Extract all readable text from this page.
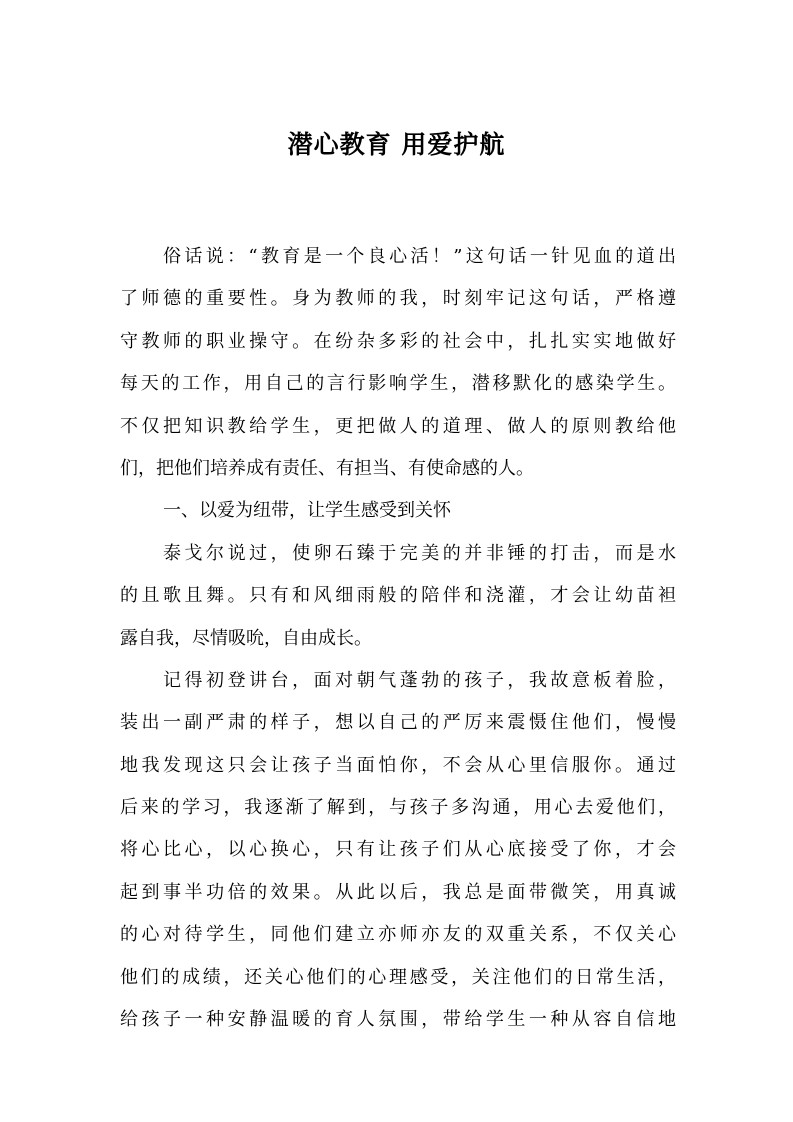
潜心教育 用爱护航
俗话说：“教育是一个良心活！”这句话一针见血的道出
了师德的重要性。身为教师的我，时刻牢记这句话，严格遵
守教师的职业操守。在纷杂多彩的社会中，扎扎实实地做好
每天的工作，用自己的言行影响学生，潜移默化的感染学生。
不仅把知识教给学生，更把做人的道理、做人的原则教给他
们，把他们培养成有责任、有担当、有使命感的人。
一、以爱为纽带，让学生感受到关怀
泰戈尔说过，使卵石臻于完美的并非锤的打击，而是水
的且歌且舞。只有和风细雨般的陪伴和浇灌，才会让幼苗袒
露自我，尽情吸吮，自由成长。
记得初登讲台，面对朝气蓬勃的孩子，我故意板着脸，
装出一副严肃的样子，想以自己的严厉来震慑住他们，慢慢
地我发现这只会让孩子当面怕你，不会从心里信服你。通过
后来的学习，我逐渐了解到，与孩子多沟通，用心去爱他们，
将心比心，以心换心，只有让孩子们从心底接受了你，才会
起到事半功倍的效果。从此以后，我总是面带微笑，用真诚
的心对待学生，同他们建立亦师亦友的双重关系，不仅关心
他们的成绩，还关心他们的心理感受，关注他们的日常生活，
给孩子一种安静温暖的育人氛围，带给学生一种从容自信地
